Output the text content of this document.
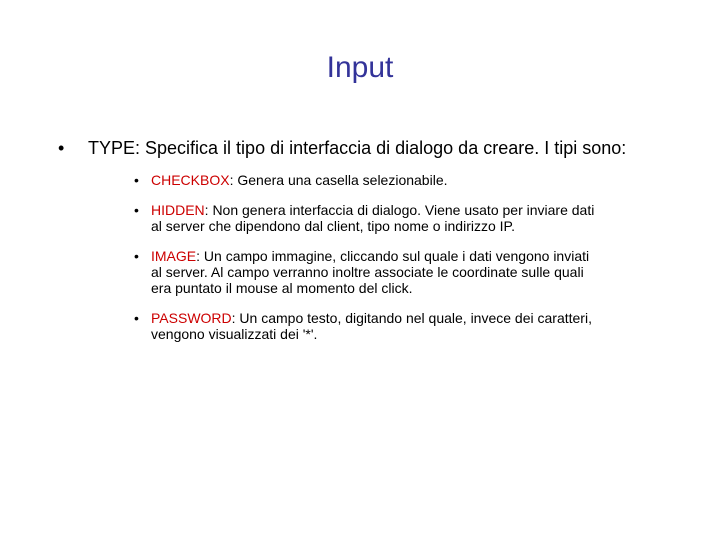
Input
• TYPE: Specifica il tipo di interfaccia di dialogo da creare. I tipi sono:
• CHECKBOX: Genera una casella selezionabile.
• HIDDEN: Non genera interfaccia di dialogo. Viene usato per inviare dati al server che dipendono dal client, tipo nome o indirizzo IP.
• IMAGE: Un campo immagine, cliccando sul quale i dati vengono inviati al server. Al campo verranno inoltre associate le coordinate sulle quali era puntato il mouse al momento del click.
• PASSWORD: Un campo testo, digitando nel quale, invece dei caratteri, vengono visualizzati dei '*'.
